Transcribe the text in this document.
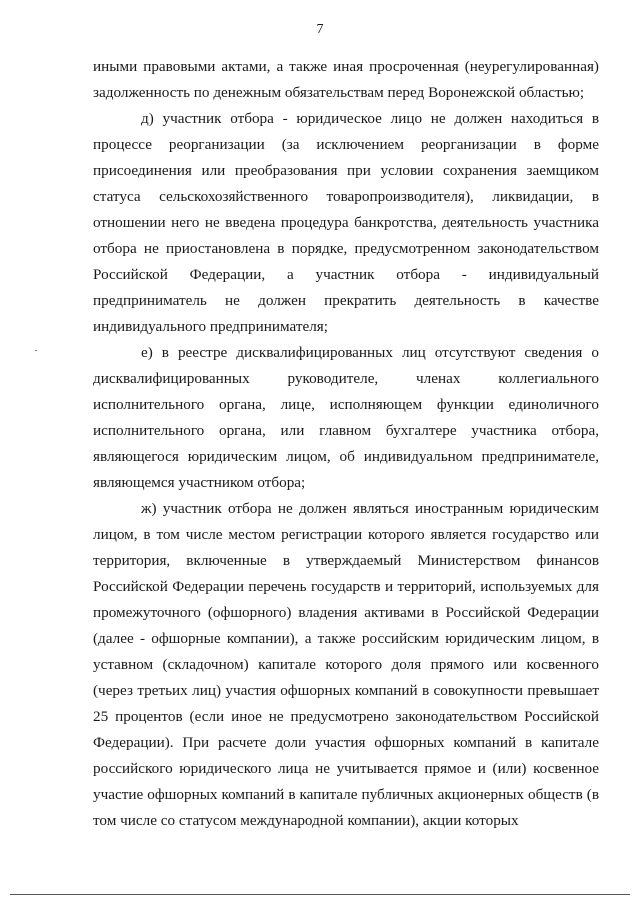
7

иными правовыми актами, а также иная просроченная (неурегулированная) задолженность по денежным обязательствам перед Воронежской областью;

д) участник отбора - юридическое лицо не должен находиться в процессе реорганизации (за исключением реорганизации в форме присоединения или преобразования при условии сохранения заемщиком статуса сельскохозяйственного товаропроизводителя), ликвидации, в отношении него не введена процедура банкротства, деятельность участника отбора не приостановлена в порядке, предусмотренном законодательством Российской Федерации, а участник отбора - индивидуальный предприниматель не должен прекратить деятельность в качестве индивидуального предпринимателя;

е) в реестре дисквалифицированных лиц отсутствуют сведения о дисквалифицированных руководителе, членах коллегиального исполнительного органа, лице, исполняющем функции единоличного исполнительного органа, или главном бухгалтере участника отбора, являющегося юридическим лицом, об индивидуальном предпринимателе, являющемся участником отбора;

ж) участник отбора не должен являться иностранным юридическим лицом, в том числе местом регистрации которого является государство или территория, включенные в утверждаемый Министерством финансов Российской Федерации перечень государств и территорий, используемых для промежуточного (офшорного) владения активами в Российской Федерации (далее - офшорные компании), а также российским юридическим лицом, в уставном (складочном) капитале которого доля прямого или косвенного (через третьих лиц) участия офшорных компаний в совокупности превышает 25 процентов (если иное не предусмотрено законодательством Российской Федерации). При расчете доли участия офшорных компаний в капитале российского юридического лица не учитывается прямое и (или) косвенное участие офшорных компаний в капитале публичных акционерных обществ (в том числе со статусом международной компании), акции которых
